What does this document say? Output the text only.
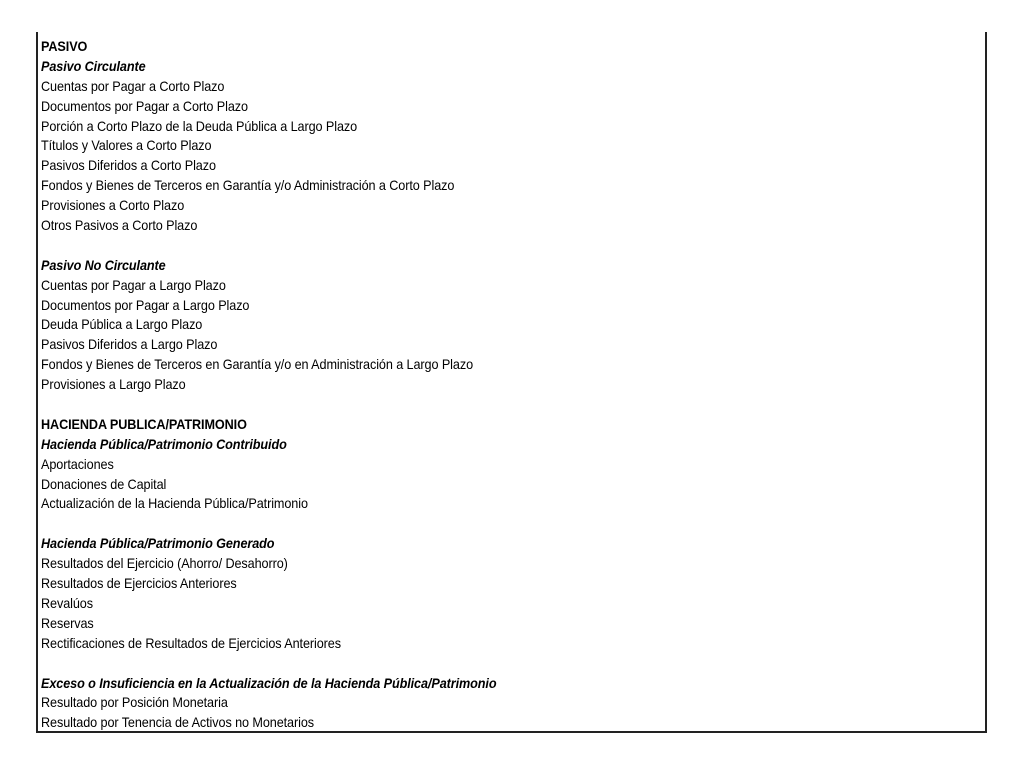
PASIVO
Pasivo Circulante
Cuentas por Pagar a Corto Plazo
Documentos por Pagar a Corto Plazo
Porción a Corto Plazo de la Deuda Pública a Largo Plazo
Títulos y Valores a Corto Plazo
Pasivos Diferidos a Corto Plazo
Fondos y Bienes de Terceros en Garantía y/o Administración a Corto Plazo
Provisiones a Corto Plazo
Otros Pasivos a Corto Plazo
Pasivo No Circulante
Cuentas por Pagar a Largo Plazo
Documentos por Pagar a Largo Plazo
Deuda Pública a Largo Plazo
Pasivos Diferidos a Largo Plazo
Fondos y Bienes de Terceros en Garantía y/o en Administración a Largo Plazo
Provisiones a Largo Plazo
HACIENDA PUBLICA/PATRIMONIO
Hacienda Pública/Patrimonio Contribuido
Aportaciones
Donaciones de Capital
Actualización de la Hacienda Pública/Patrimonio
Hacienda Pública/Patrimonio Generado
Resultados del Ejercicio (Ahorro/ Desahorro)
Resultados de Ejercicios Anteriores
Revalúos
Reservas
Rectificaciones de Resultados de Ejercicios Anteriores
Exceso o Insuficiencia en la Actualización de la Hacienda Pública/Patrimonio
Resultado por Posición Monetaria
Resultado por Tenencia de Activos no Monetarios
